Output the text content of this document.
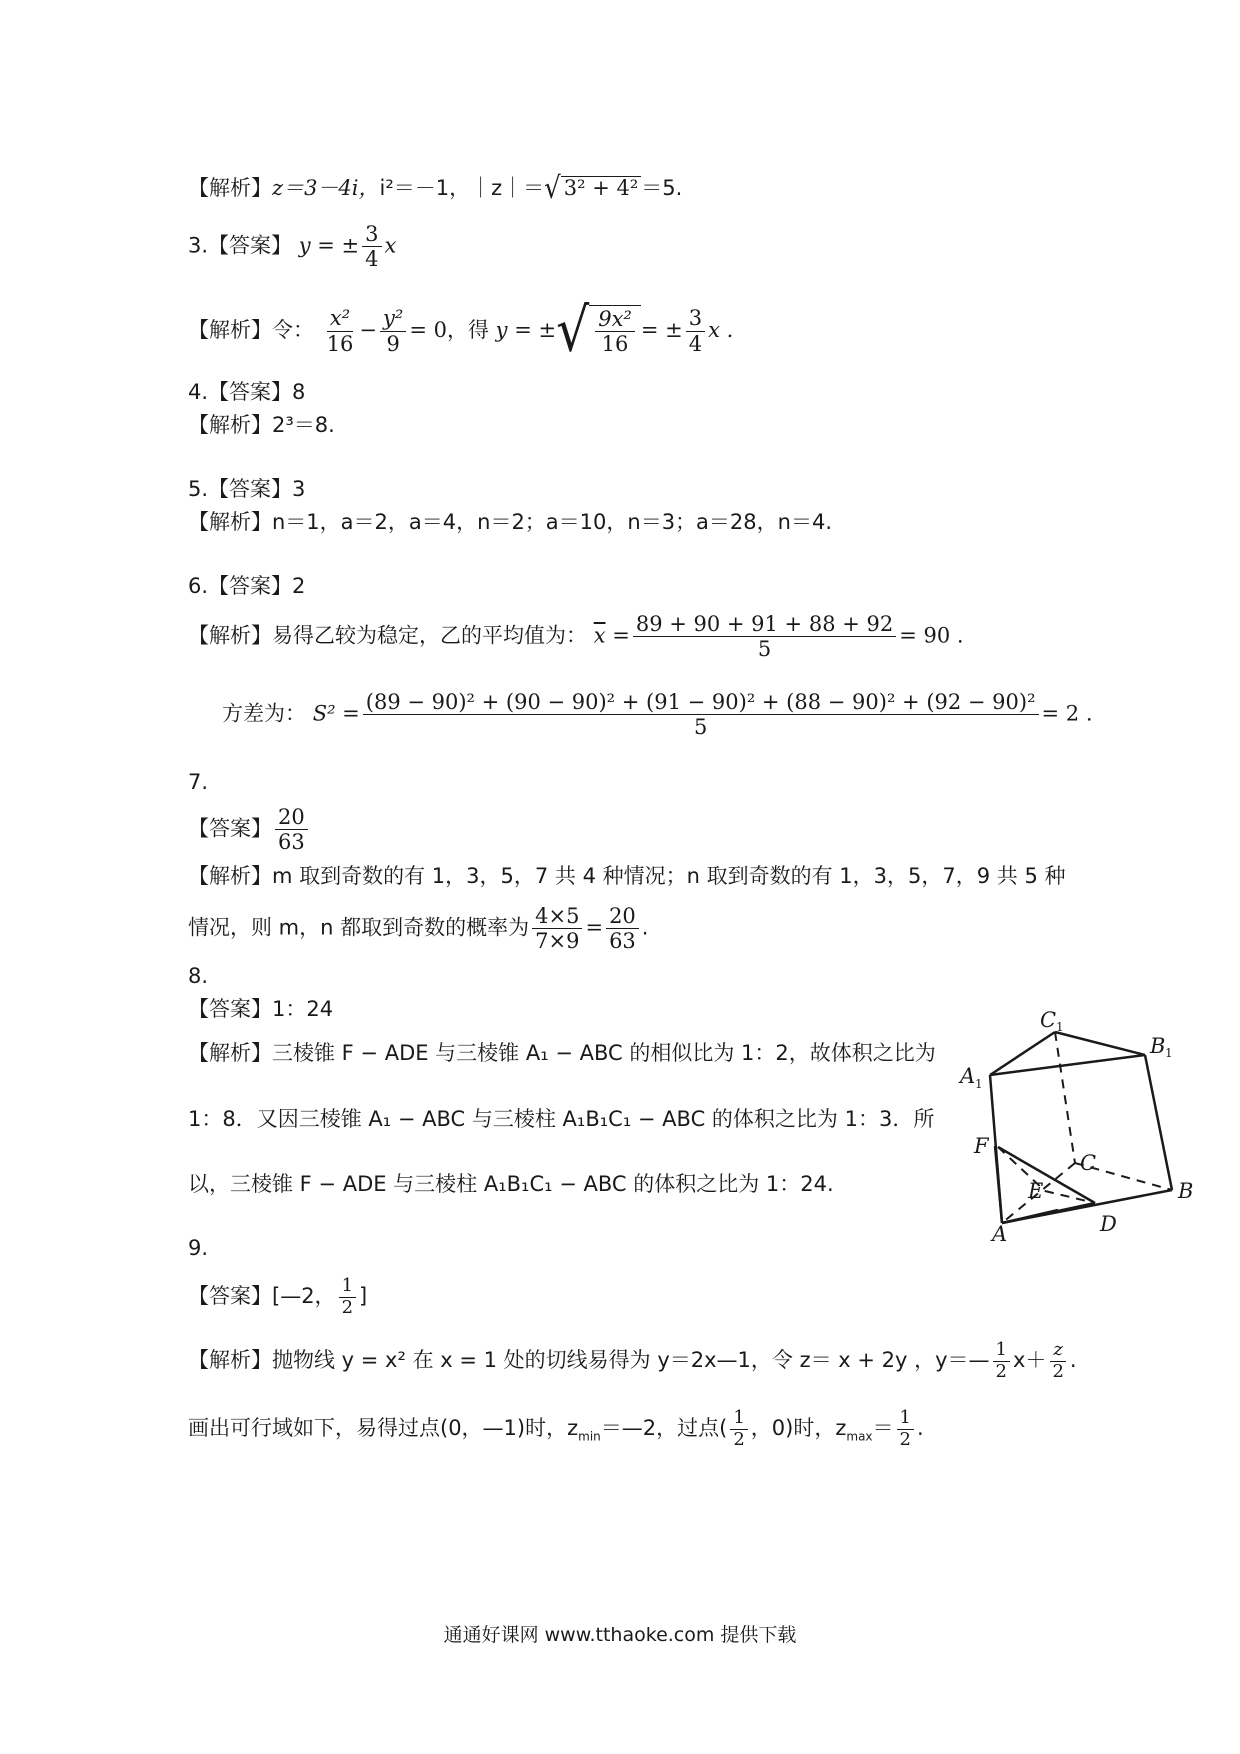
【解析】z＝3－4i，i²＝－1，｜z｜＝ √ 3² + 4² ＝5.
3.【答案】 y = ± $\frac{3}{4}$ x
【解析】令： $\frac{\text{x²}}{16} - \frac{\text{y²}}{9} = 0$，得 y = ± √ $\frac{\text{9x²}}{16}$ = ± $\frac{3}{4}$ x .
4.【答案】8
【解析】2³＝8.
5.【答案】3
【解析】n＝1，a＝2，a＝4，n＝2；a＝10，n＝3；a＝28，n＝4.
6.【答案】2
【解析】易得乙较为稳定，乙的平均值为： $\overline{x} = \frac{89 + 90 + 91 + 88 + 92}{5} = 90$ .
方差为： S² = (89 − 90)² + (90 − 90)² + (91 − 90)² + (88 − 90)² + (92 − 90)²
5
= 2 .
7.
【答案】 $\frac{20}{63}$
【解析】m 取到奇数的有 1，3，5，7 共 4 种情况；n 取到奇数的有 1，3，5，7，9 共 5 种
情况，则 m，n 都取到奇数的概率为 $\frac{4\times 5}{7\times 9} = \frac{20}{63}$ .
8.
【答案】1：24
【解析】三棱锥 F − ADE 与三棱锥 A₁ − ABC 的相似比为 1：2，故体积之比为
1：8．又因三棱锥 A₁ − ABC 与三棱柱 A₁B₁C₁ − ABC 的体积之比为 1：3．所
以，三棱锥 F − ADE 与三棱柱 A₁B₁C₁ − ABC 的体积之比为 1：24.
C 1
B 1
A 1
F
C
E	B
A	D
9.
【答案】[—2， $\frac{1}{2}$ ]
【解析】抛物线 y = x² 在 x = 1 处的切线易得为 y＝2x—1，令 z＝ x + 2y ，y＝— $\frac{1}{2} x+ \frac{z}{2}$ .
画出可行域如下，易得过点(0，—1)时，$z_{min}=—2$，过点( $\frac{1}{2}$ ，0)时，$z_{max}= \frac{1}{2}$ .
通通好课网 www.tthaoke.com 提供下载
